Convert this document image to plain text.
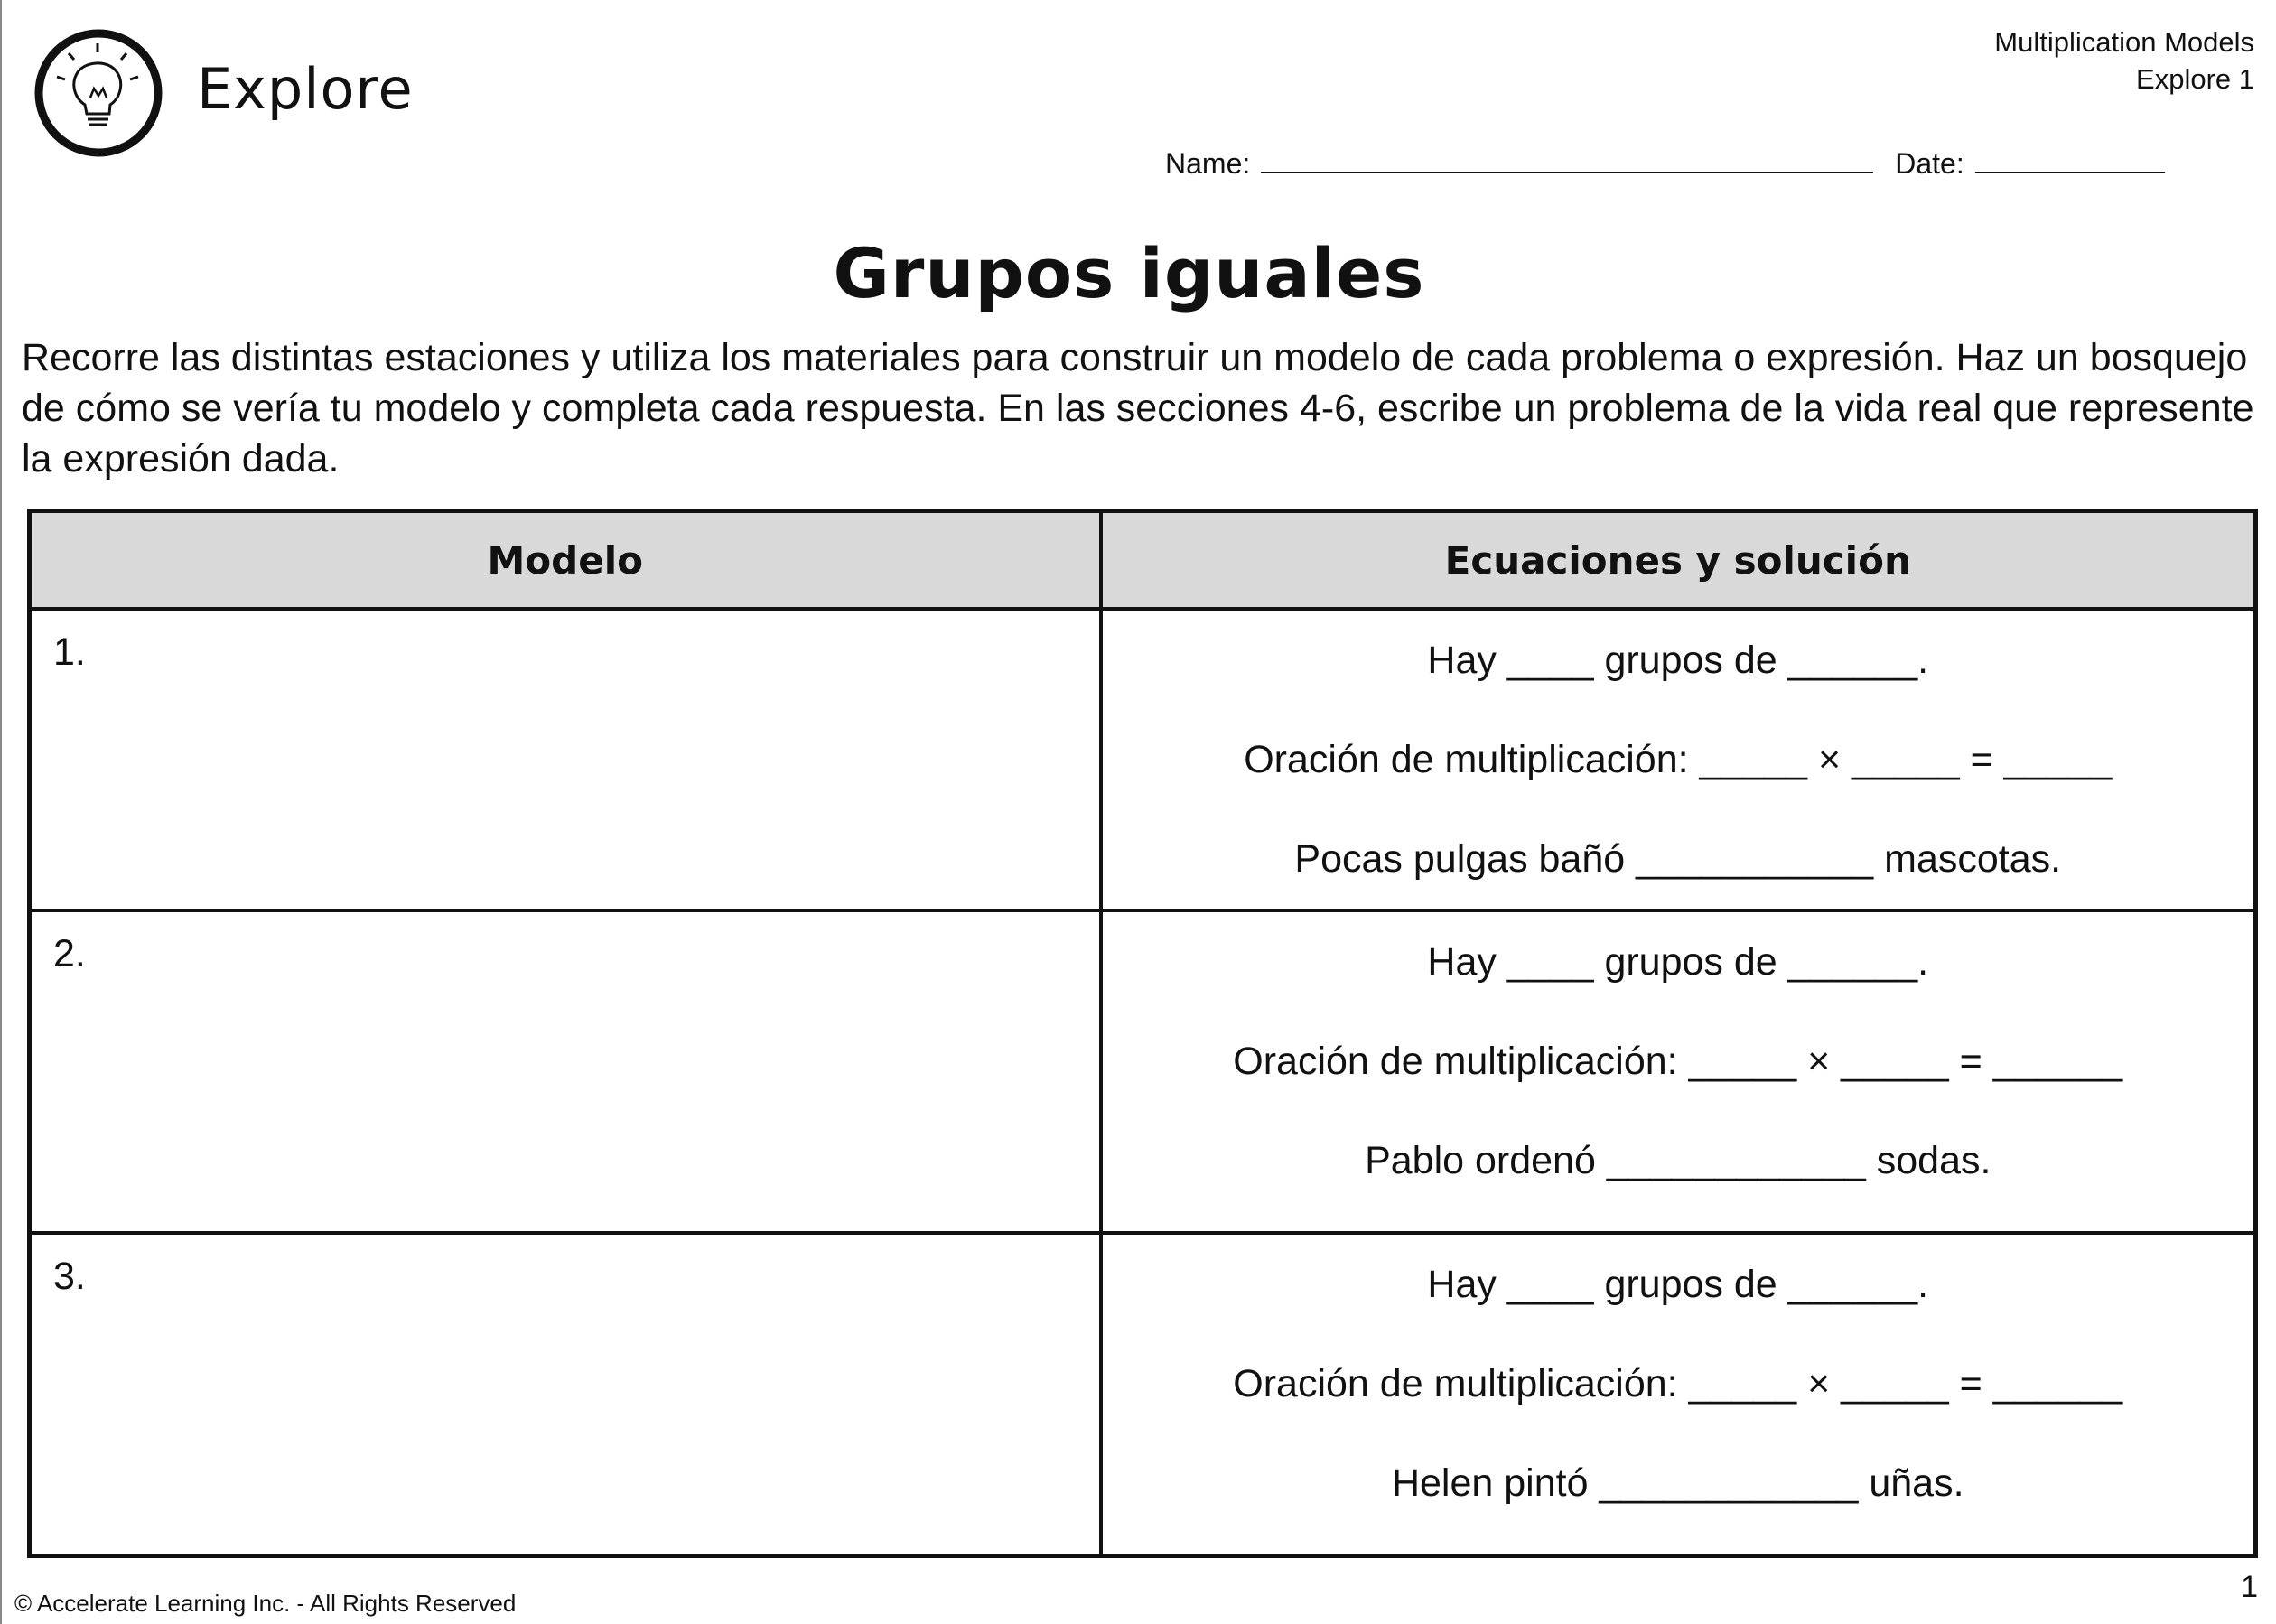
Explore
Multiplication Models
Explore 1
Name:	Date:
Grupos iguales
Recorre las distintas estaciones y utiliza los materiales para construir un modelo de cada problema o expresión. Haz un bosquejo de cómo se vería tu modelo y completa cada respuesta. En las secciones 4-6, escribe un problema de la vida real que represente la expresión dada.
Modelo	Ecuaciones y solución

1.	Hay ____ grupos de ______.
Oración de multiplicación: _____ × _____ = _____
Pocas pulgas bañó ___________ mascotas.

2.	Hay ____ grupos de ______.
Oración de multiplicación: _____ × _____ = ______
Pablo ordenó ____________ sodas.

3.	Hay ____ grupos de ______.
Oración de multiplicación: _____ × _____ = ______
Helen pintó ____________ uñas.
© Accelerate Learning Inc. - All Rights Reserved	1
